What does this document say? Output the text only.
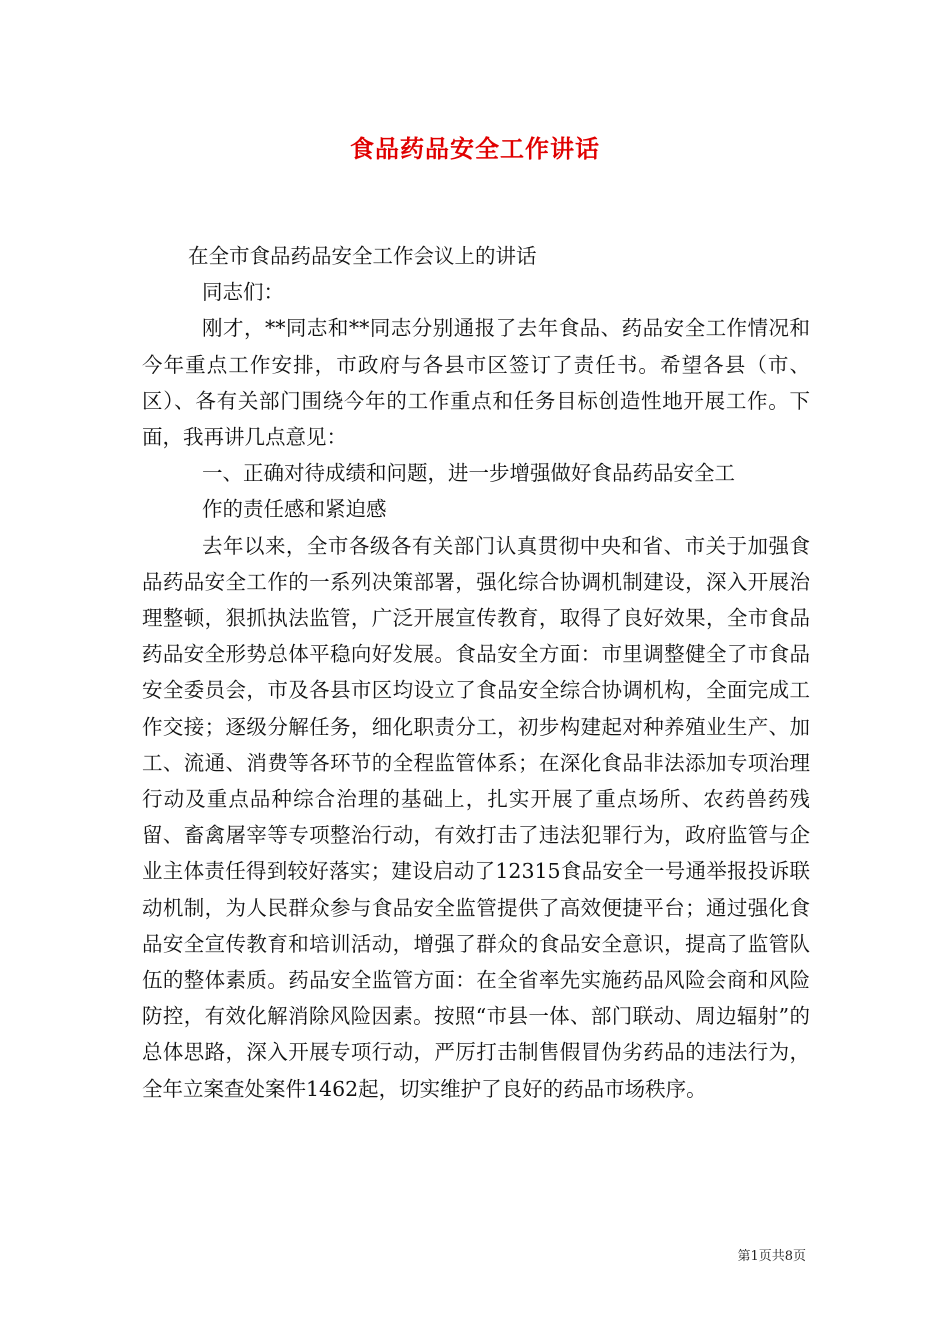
食品药品安全工作讲话

在全市食品药品安全工作会议上的讲话

同志们：

刚才，**同志和**同志分别通报了去年食品、药品安全工作情况和今年重点工作安排，市政府与各县市区签订了责任书。希望各县（市、区）、各有关部门围绕今年的工作重点和任务目标创造性地开展工作。下面，我再讲几点意见：

一、正确对待成绩和问题，进一步增强做好食品药品安全工

作的责任感和紧迫感

去年以来，全市各级各有关部门认真贯彻中央和省、市关于加强食品药品安全工作的一系列决策部署，强化综合协调机制建设，深入开展治理整顿，狠抓执法监管，广泛开展宣传教育，取得了良好效果，全市食品药品安全形势总体平稳向好发展。食品安全方面：市里调整健全了市食品安全委员会，市及各县市区均设立了食品安全综合协调机构，全面完成工作交接；逐级分解任务，细化职责分工，初步构建起对种养殖业生产、加工、流通、消费等各环节的全程监管体系；在深化食品非法添加专项治理行动及重点品种综合治理的基础上，扎实开展了重点场所、农药兽药残留、畜禽屠宰等专项整治行动，有效打击了违法犯罪行为，政府监管与企业主体责任得到较好落实；建设启动了12315食品安全一号通举报投诉联动机制，为人民群众参与食品安全监管提供了高效便捷平台；通过强化食品安全宣传教育和培训活动，增强了群众的食品安全意识，提高了监管队伍的整体素质。药品安全监管方面：在全省率先实施药品风险会商和风险防控，有效化解消除风险因素。按照“市县一体、部门联动、周边辐射”的总体思路，深入开展专项行动，严厉打击制售假冒伪劣药品的违法行为，全年立案查处案件1462起，切实维护了良好的药品市场秩序。

第1页共8页
